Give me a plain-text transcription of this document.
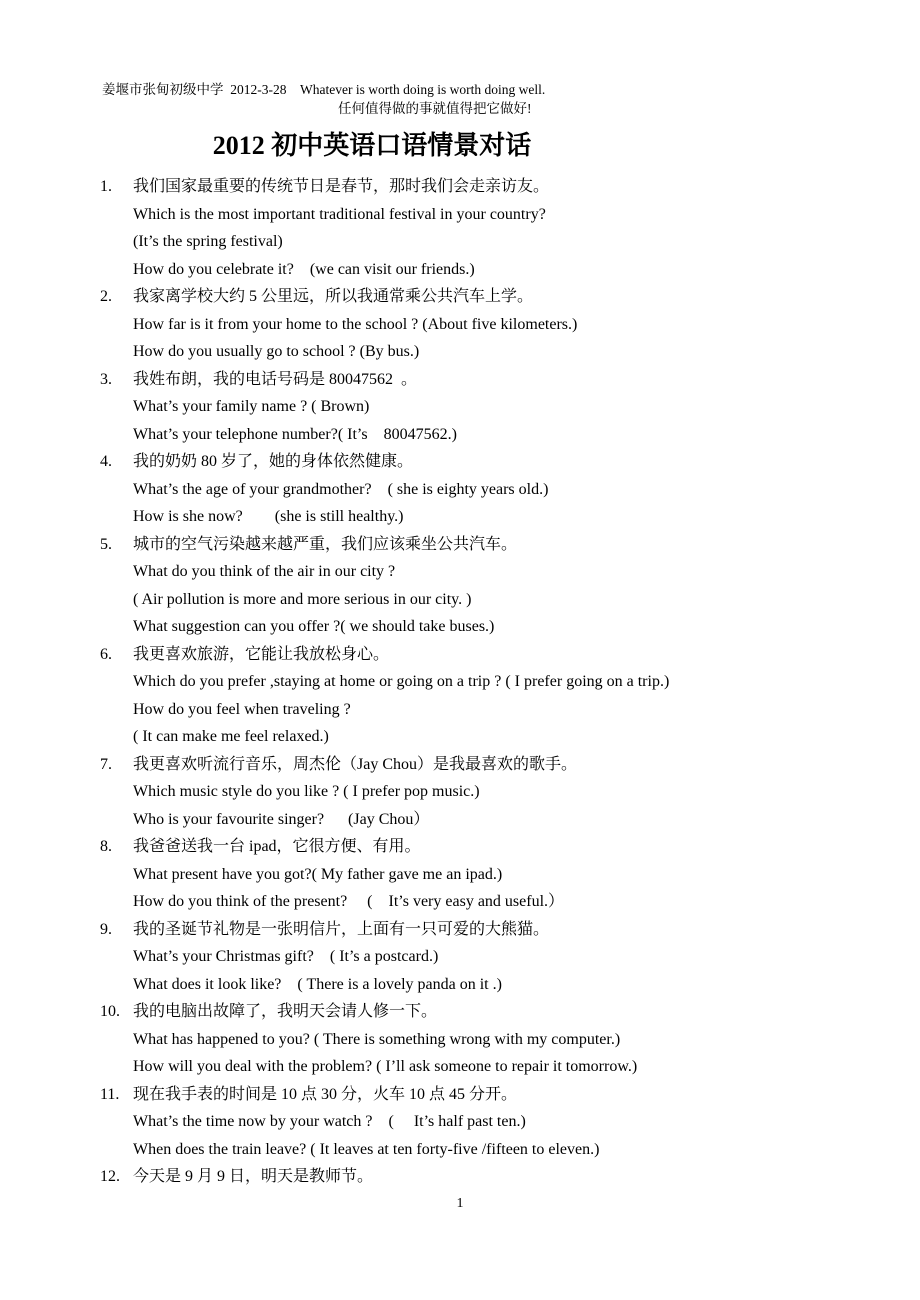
姜堰市张甸初级中学  2012-3-28    Whatever is worth doing is worth doing well.
任何值得做的事就值得把它做好!
2012 初中英语口语情景对话
1. 我们国家最重要的传统节日是春节，那时我们会走亲访友。
Which is the most important traditional festival in your country?
(It’s the spring festival)
How do you celebrate it?    (we can visit our friends.)
2. 我家离学校大约 5 公里远，所以我通常乘公共汽车上学。
How far is it from your home to the school ? (About five kilometers.)
How do you usually go to school ? (By bus.)
3. 我姓布朗，我的电话号码是 80047562  。
What’s your family name ? ( Brown)
What’s your telephone number?( It’s    80047562.)
4. 我的奶奶 80 岁了，她的身体依然健康。
What’s the age of your grandmother?    ( she is eighty years old.)
How is she now?        (she is still healthy.)
5. 城市的空气污染越来越严重，我们应该乘坐公共汽车。
What do you think of the air in our city ?
( Air pollution is more and more serious in our city. )
What suggestion can you offer ?( we should take buses.)
6. 我更喜欢旅游，它能让我放松身心。
Which do you prefer ,staying at home or going on a trip ? ( I prefer going on a trip.)
How do you feel when traveling ?
( It can make me feel relaxed.)
7. 我更喜欢听流行音乐，周杰伦（Jay Chou）是我最喜欢的歌手。
Which music style do you like ? ( I prefer pop music.)
Who is your favourite singer?      (Jay Chou）
8. 我爸爸送我一台 ipad，它很方便、有用。
What present have you got?( My father gave me an ipad.)
How do you think of the present?     (    It’s very easy and useful.）
9. 我的圣诞节礼物是一张明信片，上面有一只可爱的大熊猫。
What’s your Christmas gift?    ( It’s a postcard.)
What does it look like?    ( There is a lovely panda on it .)
10. 我的电脑出故障了，我明天会请人修一下。
What has happened to you? ( There is something wrong with my computer.)
How will you deal with the problem? ( I’ll ask someone to repair it tomorrow.)
11. 现在我手表的时间是 10 点 30 分，火车 10 点 45 分开。
What’s the time now by your watch ?    (     It’s half past ten.)
When does the train leave? ( It leaves at ten forty-five /fifteen to eleven.)
12. 今天是 9 月 9 日，明天是教师节。
1
